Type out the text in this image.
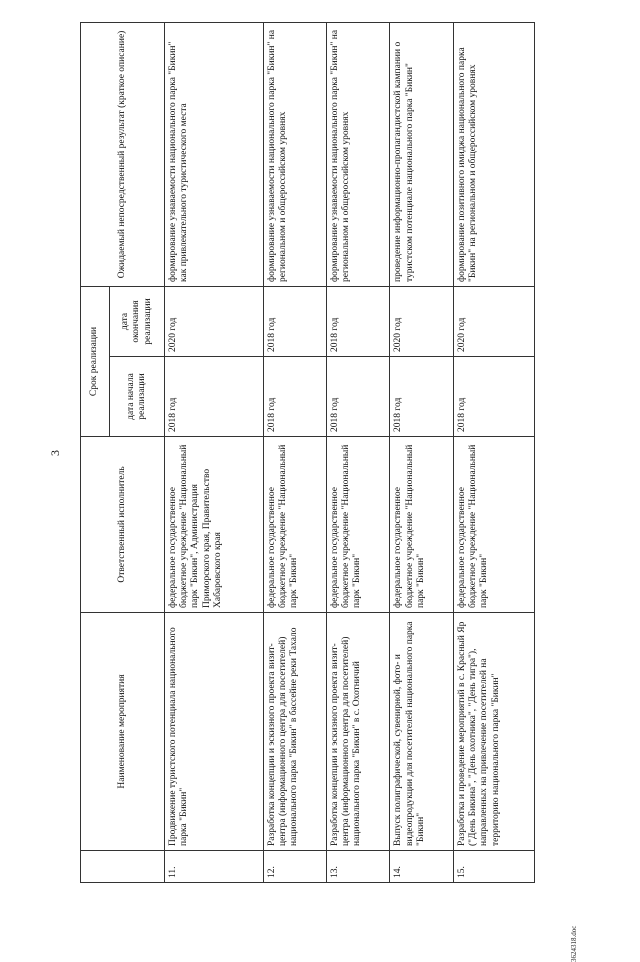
3
	Наименование мероприятия	Ответственный исполнитель	Срок реализации		Ожидаемый непосредственный результат (краткое описание)
			дата начала реализации	дата окончания реализации	
11.	Продвижение туристского потенциала национального парка "Бикин"	федеральное государственное бюджетное учреждение "Национальный парк "Бикин", Администрация Приморского края, Правительство Хабаровского края	2018 год	2020 год	формирование узнаваемости национального парка "Бикин" как привлекательного туристического места
12.	Разработка концепции и эскизного проекта визит-центра (информационного центра для посетителей) национального парка "Бикин" в бассейне реки Тахало	федеральное государственное бюджетное учреждение "Национальный парк "Бикин"	2018 год	2018 год	формирование узнаваемости национального парка "Бикин" на региональном и общероссийском уровнях
13.	Разработка концепции и эскизного проекта визит-центра (информационного центра для посетителей) национального парка "Бикин" в с. Охотничий	федеральное государственное бюджетное учреждение "Национальный парк "Бикин"	2018 год	2018 год	формирование узнаваемости национального парка "Бикин" на региональном и общероссийском уровнях
14.	Выпуск полиграфической, сувенирной, фото- и видеопродукции для посетителей национального парка "Бикин"	федеральное государственное бюджетное учреждение "Национальный парк "Бикин"	2018 год	2020 год	проведение информационно-пропагандистской кампании о туристском потенциале национального парка "Бикин"
15.	Разработка и проведение мероприятий в с. Красный Яр ("День Бикина", "День охотника", "День тигра"), направленных на привлечение посетителей на территорию национального парка "Бикин"	федеральное государственное бюджетное учреждение "Национальный парк "Бикин"	2018 год	2020 год	формирование позитивного имиджа национального парка "Бикин" на региональном и общероссийском уровнях
3624318.doc
